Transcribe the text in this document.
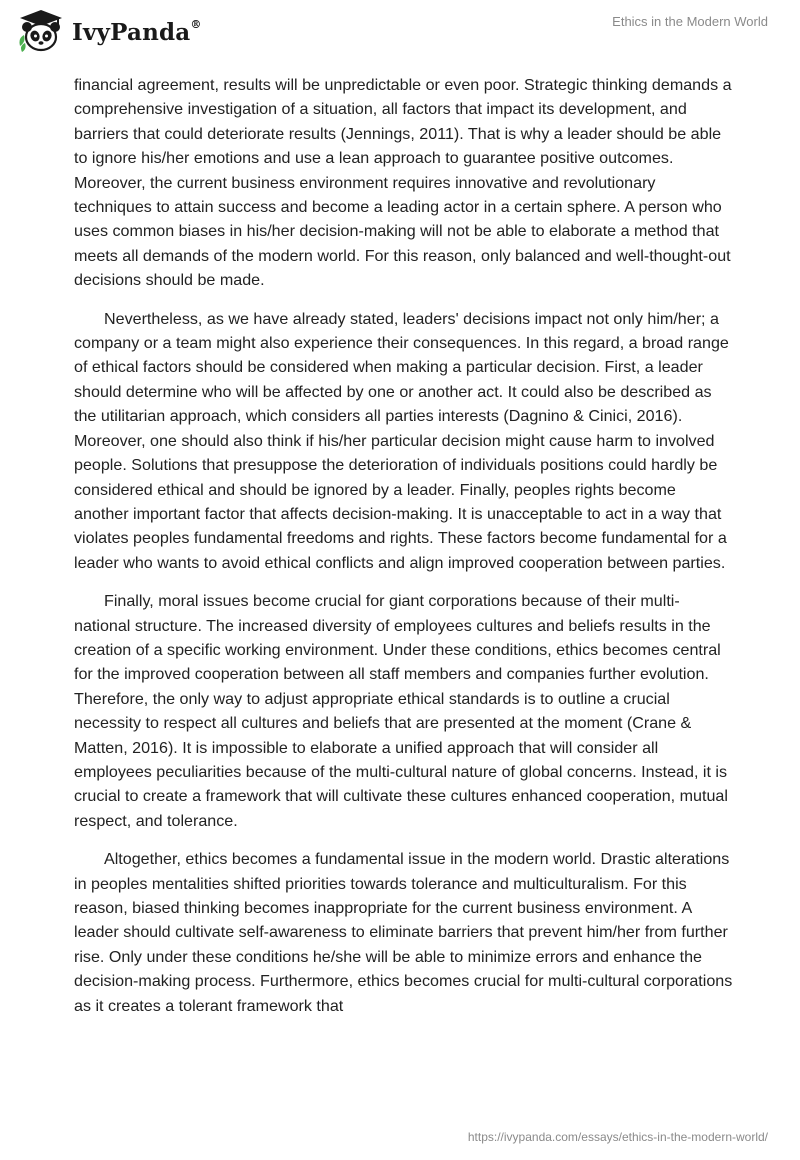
IvyPanda®	Ethics in the Modern World

financial agreement, results will be unpredictable or even poor. Strategic thinking demands a comprehensive investigation of a situation, all factors that impact its development, and barriers that could deteriorate results (Jennings, 2011). That is why a leader should be able to ignore his/her emotions and use a lean approach to guarantee positive outcomes. Moreover, the current business environment requires innovative and revolutionary techniques to attain success and become a leading actor in a certain sphere. A person who uses common biases in his/her decision-making will not be able to elaborate a method that meets all demands of the modern world. For this reason, only balanced and well-thought-out decisions should be made.

Nevertheless, as we have already stated, leaders' decisions impact not only him/her; a company or a team might also experience their consequences. In this regard, a broad range of ethical factors should be considered when making a particular decision. First, a leader should determine who will be affected by one or another act. It could also be described as the utilitarian approach, which considers all parties interests (Dagnino & Cinici, 2016). Moreover, one should also think if his/her particular decision might cause harm to involved people. Solutions that presuppose the deterioration of individuals positions could hardly be considered ethical and should be ignored by a leader. Finally, peoples rights become another important factor that affects decision-making. It is unacceptable to act in a way that violates peoples fundamental freedoms and rights. These factors become fundamental for a leader who wants to avoid ethical conflicts and align improved cooperation between parties.

Finally, moral issues become crucial for giant corporations because of their multi-national structure. The increased diversity of employees cultures and beliefs results in the creation of a specific working environment. Under these conditions, ethics becomes central for the improved cooperation between all staff members and companies further evolution. Therefore, the only way to adjust appropriate ethical standards is to outline a crucial necessity to respect all cultures and beliefs that are presented at the moment (Crane & Matten, 2016). It is impossible to elaborate a unified approach that will consider all employees peculiarities because of the multi-cultural nature of global concerns. Instead, it is crucial to create a framework that will cultivate these cultures enhanced cooperation, mutual respect, and tolerance.

Altogether, ethics becomes a fundamental issue in the modern world. Drastic alterations in peoples mentalities shifted priorities towards tolerance and multiculturalism. For this reason, biased thinking becomes inappropriate for the current business environment. A leader should cultivate self-awareness to eliminate barriers that prevent him/her from further rise. Only under these conditions he/she will be able to minimize errors and enhance the decision-making process. Furthermore, ethics becomes crucial for multi-cultural corporations as it creates a tolerant framework that

https://ivypanda.com/essays/ethics-in-the-modern-world/
